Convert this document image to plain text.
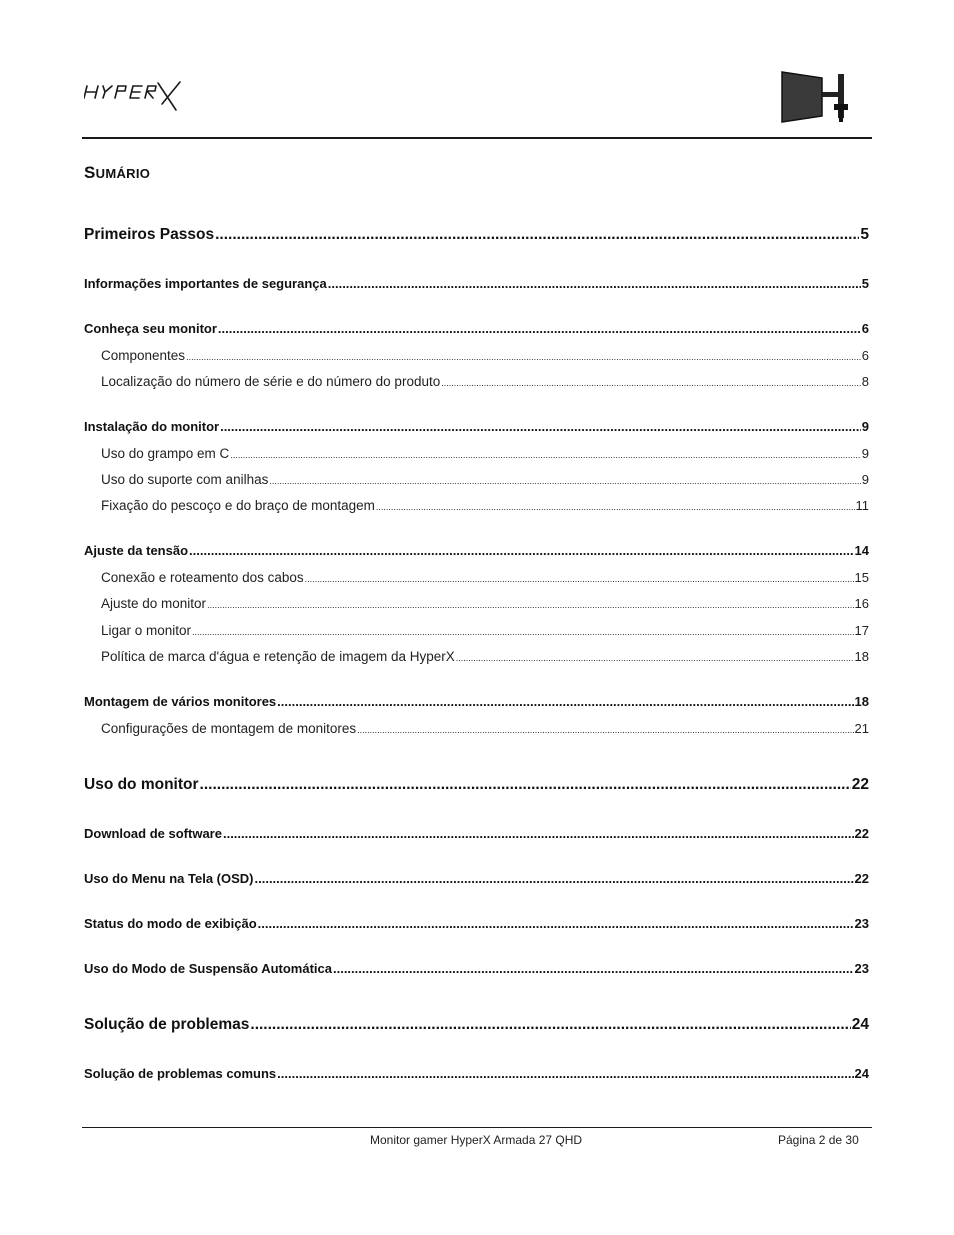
SUMÁRIO
Primeiros Passos .....	5
Informações importantes de segurança .....	5
Conheça seu monitor .....	6
Componentes .....	6
Localização do número de série e do número do produto .....	8
Instalação do monitor .....	9
Uso do grampo em C .....	9
Uso do suporte com anilhas .....	9
Fixação do pescoço e do braço de montagem .....	11
Ajuste da tensão .....	14
Conexão e roteamento dos cabos .....	15
Ajuste do monitor .....	16
Ligar o monitor .....	17
Política de marca d'água e retenção de imagem da HyperX .....	18
Montagem de vários monitores .....	18
Configurações de montagem de monitores .....	21
Uso do monitor .....	22
Download de software .....	22
Uso do Menu na Tela (OSD) .....	22
Status do modo de exibição .....	23
Uso do Modo de Suspensão Automática .....	23
Solução de problemas .....	24
Solução de problemas comuns .....	24
Monitor gamer HyperX Armada 27 QHD	Página 2 de 30
